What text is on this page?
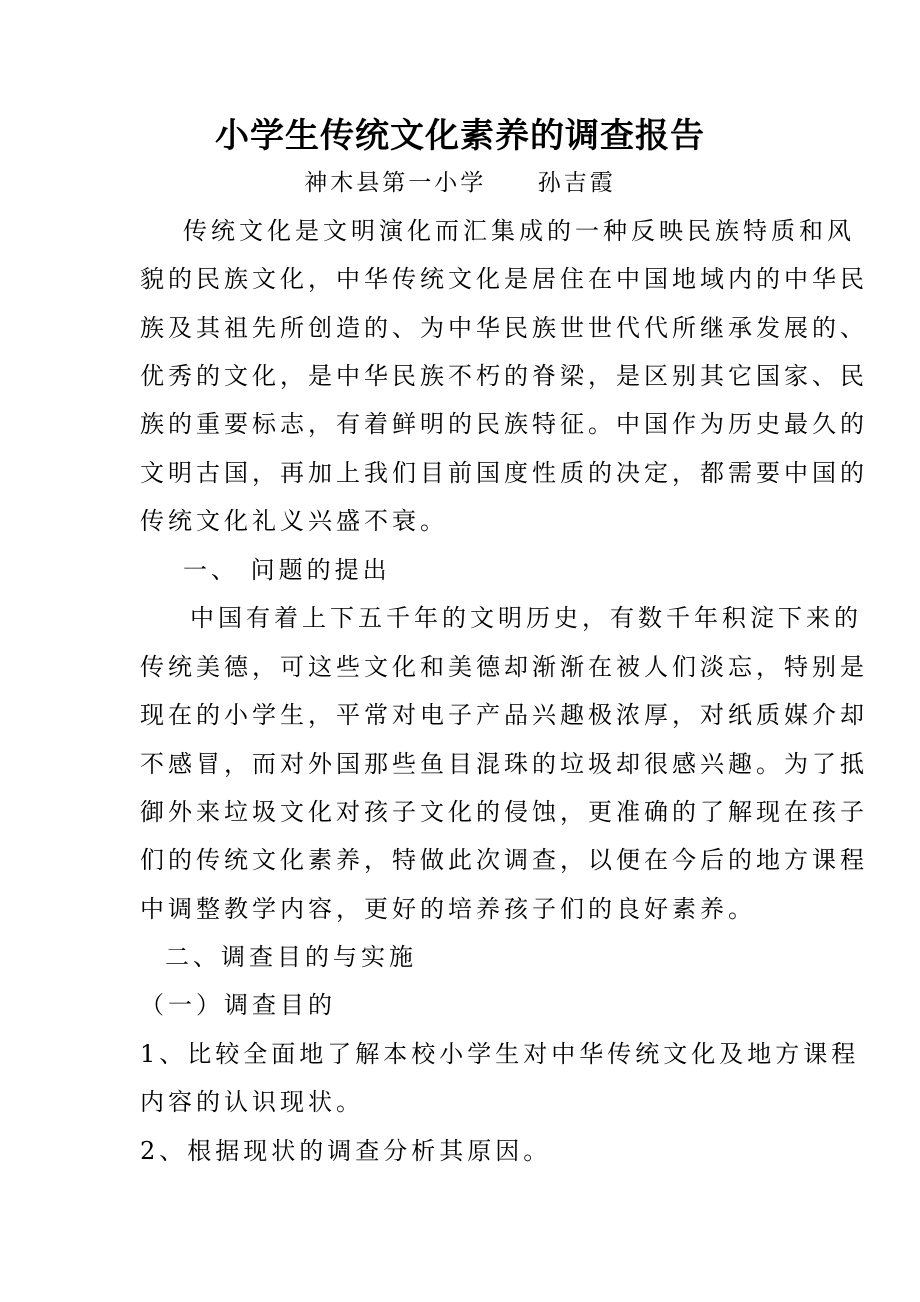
小学生传统文化素养的调查报告
神木县第一小学     孙吉霞
传统文化是文明演化而汇集成的一种反映民族特质和风
貌的民族文化，中华传统文化是居住在中国地域内的中华民
族及其祖先所创造的、为中华民族世世代代所继承发展的、
优秀的文化，是中华民族不朽的脊梁，是区别其它国家、民
族的重要标志，有着鲜明的民族特征。中国作为历史最久的
文明古国，再加上我们目前国度性质的决定，都需要中国的
传统文化礼义兴盛不衰。
一、 问题的提出
中国有着上下五千年的文明历史，有数千年积淀下来的
传统美德，可这些文化和美德却渐渐在被人们淡忘，特别是
现在的小学生，平常对电子产品兴趣极浓厚，对纸质媒介却
不感冒，而对外国那些鱼目混珠的垃圾却很感兴趣。为了抵
御外来垃圾文化对孩子文化的侵蚀，更准确的了解现在孩子
们的传统文化素养，特做此次调查，以便在今后的地方课程
中调整教学内容，更好的培养孩子们的良好素养。
二、调查目的与实施
（一）调查目的
1、比较全面地了解本校小学生对中华传统文化及地方课程
内容的认识现状。
2、根据现状的调查分析其原因。
